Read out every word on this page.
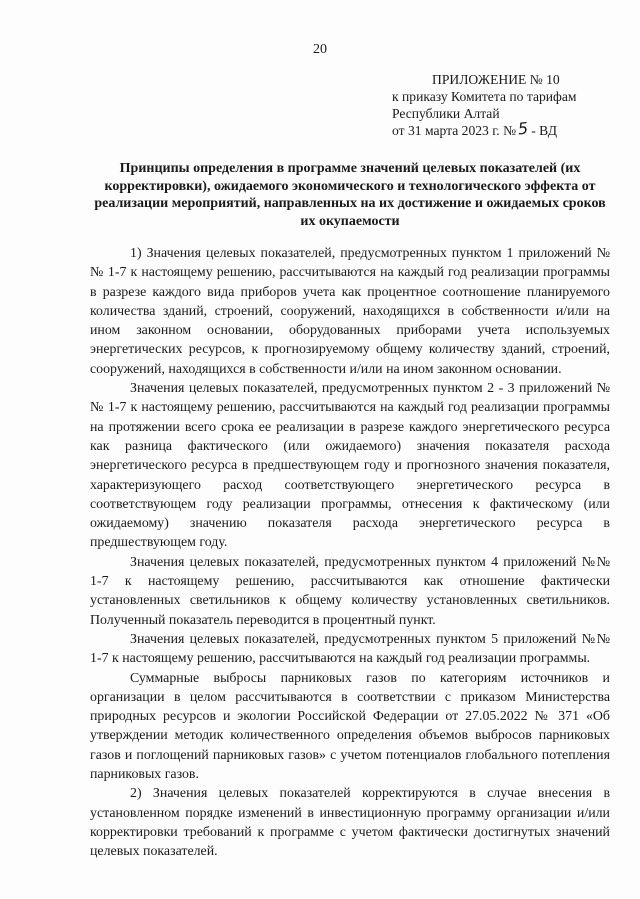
20
ПРИЛОЖЕНИЕ № 10
к приказу Комитета по тарифам
Республики Алтай
от 31 марта 2023 г. №5 - ВД
Принципы определения в программе значений целевых показателей (их корректировки), ожидаемого экономического и технологического эффекта от реализации мероприятий, направленных на их достижение и ожидаемых сроков их окупаемости

1) Значения целевых показателей, предусмотренных пунктом 1 приложений №№ 1-7 к настоящему решению, рассчитываются на каждый год реализации программы в разрезе каждого вида приборов учета как процентное соотношение планируемого количества зданий, строений, сооружений, находящихся в собственности и/или на ином законном основании, оборудованных приборами учета используемых энергетических ресурсов, к прогнозируемому общему количеству зданий, строений, сооружений, находящихся в собственности и/или на ином законном основании.

Значения целевых показателей, предусмотренных пунктом 2 - 3 приложений №№ 1-7 к настоящему решению, рассчитываются на каждый год реализации программы на протяжении всего срока ее реализации в разрезе каждого энергетического ресурса как разница фактического (или ожидаемого) значения показателя расхода энергетического ресурса в предшествующем году и прогнозного значения показателя, характеризующего расход соответствующего энергетического ресурса в соответствующем году реализации программы, отнесения к фактическому (или ожидаемому) значению показателя расхода энергетического ресурса в предшествующем году.

Значения целевых показателей, предусмотренных пунктом 4 приложений №№ 1-7 к настоящему решению, рассчитываются как отношение фактически установленных светильников к общему количеству установленных светильников. Полученный показатель переводится в процентный пункт.

Значения целевых показателей, предусмотренных пунктом 5 приложений №№ 1-7 к настоящему решению, рассчитываются на каждый год реализации программы.

Суммарные выбросы парниковых газов по категориям источников и организации в целом рассчитываются в соответствии с приказом Министерства природных ресурсов и экологии Российской Федерации от 27.05.2022 № 371 «Об утверждении методик количественного определения объемов выбросов парниковых газов и поглощений парниковых газов» с учетом потенциалов глобального потепления парниковых газов.

2) Значения целевых показателей корректируются в случае внесения в установленном порядке изменений в инвестиционную программу организации и/или корректировки требований к программе с учетом фактически достигнутых значений целевых показателей.
